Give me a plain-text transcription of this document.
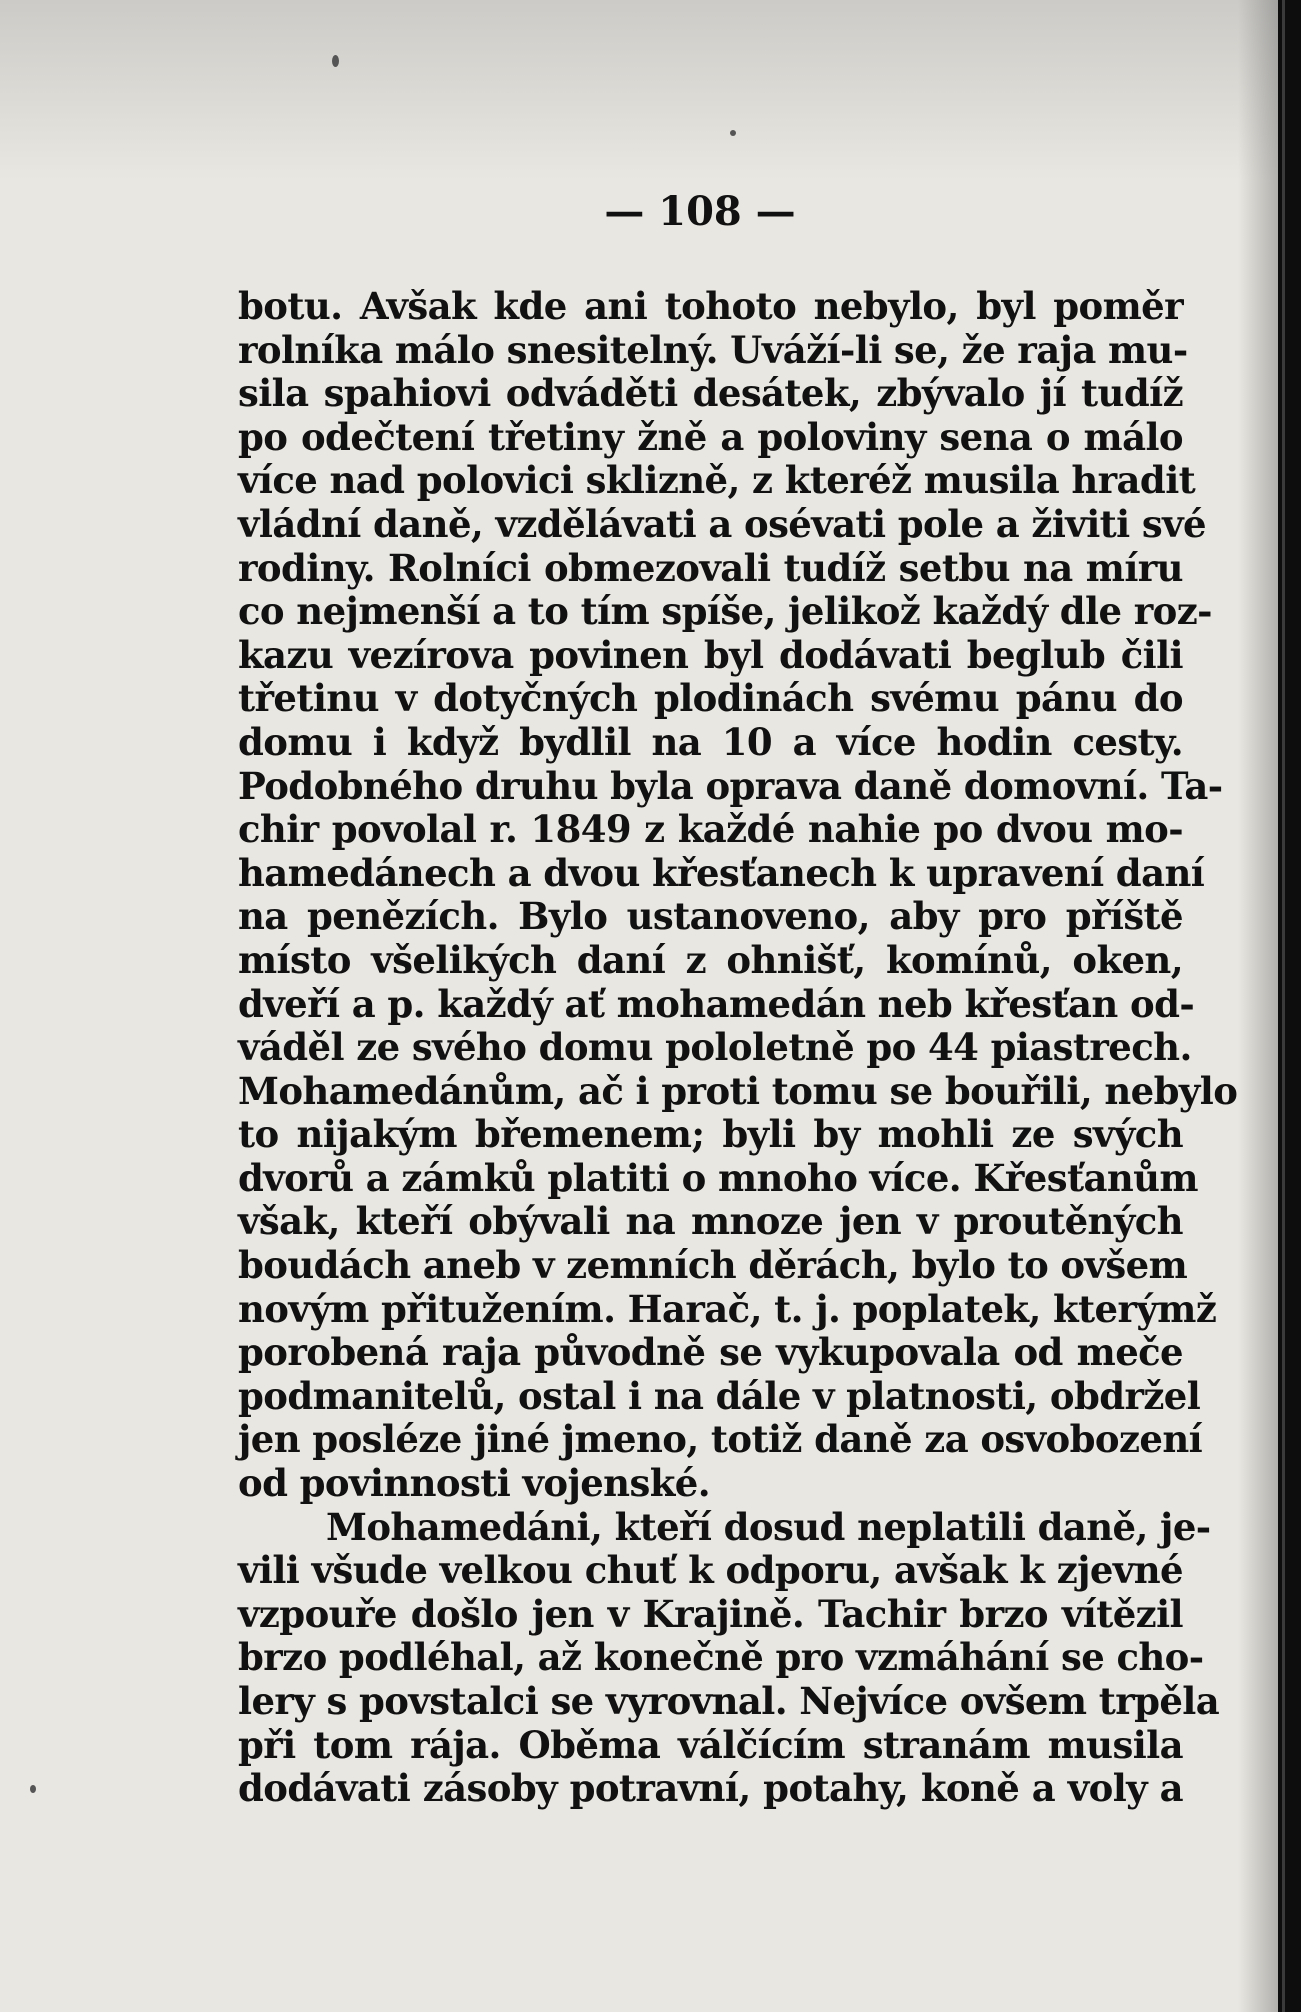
— 108 —
botu. Avšak kde ani tohoto nebylo, byl poměr
rolníka málo snesitelný. Uváží-li se, že raja mu-
sila spahiovi odváděti desátek, zbývalo jí tudíž
po odečtení třetiny žně a poloviny sena o málo
více nad polovici sklizně, z kteréž musila hradit
vládní daně, vzdělávati a osévati pole a živiti své
rodiny. Rolníci obmezovali tudíž setbu na míru
co nejmenší a to tím spíše, jelikož každý dle roz-
kazu vezírova povinen byl dodávati beglub čili
třetinu v dotyčných plodinách svému pánu do
domu i když bydlil na 10 a více hodin cesty.
Podobného druhu byla oprava daně domovní. Ta-
chir povolal r. 1849 z každé nahie po dvou mo-
hamedánech a dvou křesťanech k upravení daní
na penězích. Bylo ustanoveno, aby pro příště
místo všelikých daní z ohnišť, komínů, oken,
dveří a p. každý ať mohamedán neb křesťan od-
váděl ze svého domu pololetně po 44 piastrech.
Mohamedánům, ač i proti tomu se bouřili, nebylo
to nijakým břemenem; byli by mohli ze svých
dvorů a zámků platiti o mnoho více. Křesťanům
však, kteří obývali na mnoze jen v proutěných
boudách aneb v zemních děrách, bylo to ovšem
novým přitužením. Harač, t. j. poplatek, kterýmž
porobená raja původně se vykupovala od meče
podmanitelů, ostal i na dále v platnosti, obdržel
jen posléze jiné jmeno, totiž daně za osvobození
od povinnosti vojenské.
Mohamedáni, kteří dosud neplatili daně, je-
vili všude velkou chuť k odporu, avšak k zjevné
vzpouře došlo jen v Krajině. Tachir brzo vítězil
brzo podléhal, až konečně pro vzmáhání se cho-
lery s povstalci se vyrovnal. Nejvíce ovšem trpěla
při tom rája. Oběma válčícím stranám musila
dodávati zásoby potravní, potahy, koně a voly a
